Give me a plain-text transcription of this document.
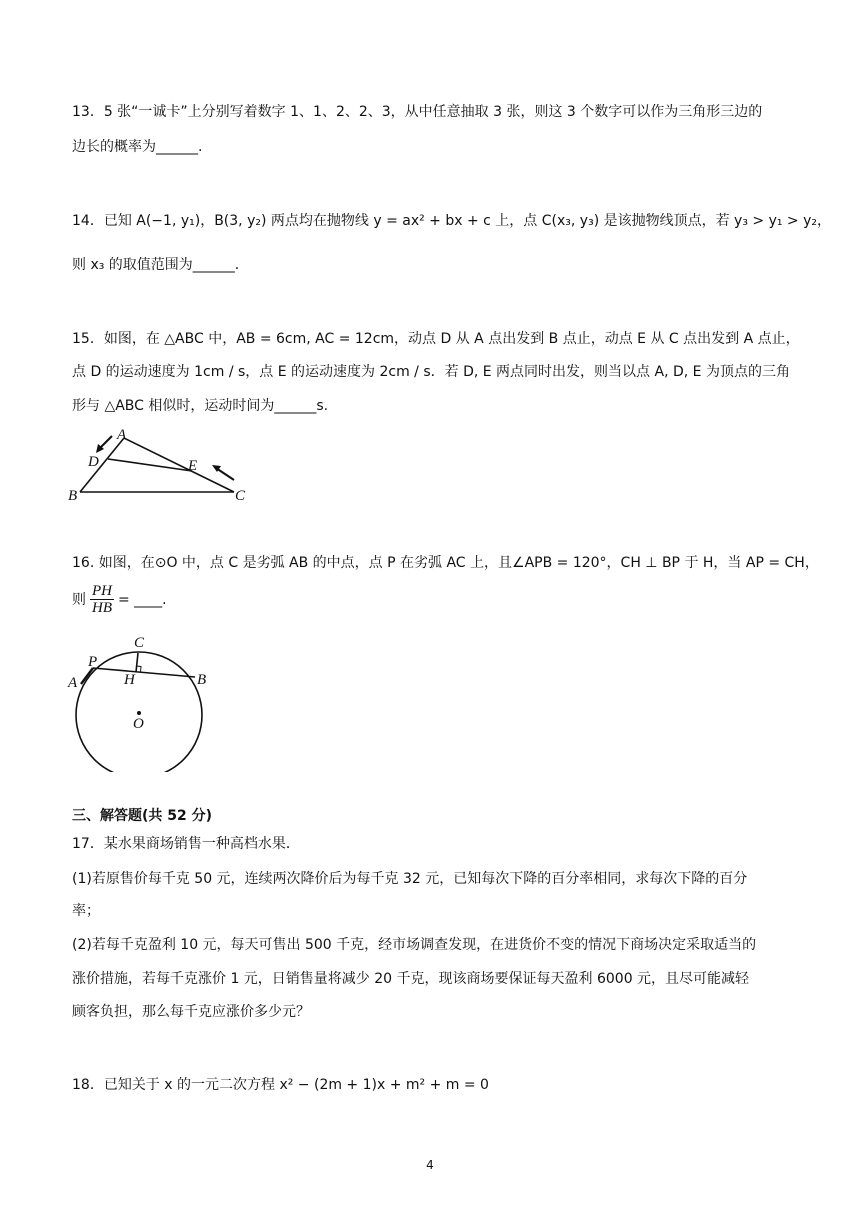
13．5 张“一诚卡”上分别写着数字 1、1、2、2、3，从中任意抽取 3 张，则这 3 个数字可以作为三角形三边的
边长的概率为______.
14．已知 A(−1, y₁)，B(3, y₂) 两点均在抛物线 y = ax² + bx + c 上，点 C(x₃, y₃) 是该抛物线顶点，若 y₃ > y₁ > y₂，
则 x₃ 的取值范围为______.
15．如图，在 △ABC 中，AB = 6cm, AC = 12cm，动点 D 从 A 点出发到 B 点止，动点 E 从 C 点出发到 A 点止，
点 D 的运动速度为 1cm / s，点 E 的运动速度为 2cm / s．若 D, E 两点同时出发，则当以点 A, D, E 为顶点的三角
形与 △ABC 相似时，运动时间为______s.
A
D	E
B	C
16. 如图，在⊙O 中，点 C 是劣弧 AB 的中点，点 P 在劣弧 AC 上，且∠APB = 120°，CH ⊥ BP 于 H，当 AP = CH，
则 $\frac{PH}{HB}$ = ____.
C
P
A	H	B
O
三、解答题(共 52 分)
17．某水果商场销售一种高档水果．
(1)若原售价每千克 50 元，连续两次降价后为每千克 32 元，已知每次下降的百分率相同，求每次下降的百分
率；
(2)若每千克盈利 10 元，每天可售出 500 千克，经市场调查发现，在进货价不变的情况下商场决定采取适当的
涨价措施，若每千克涨价 1 元，日销售量将减少 20 千克，现该商场要保证每天盈利 6000 元，且尽可能减轻
顾客负担，那么每千克应涨价多少元？
18．已知关于 x 的一元二次方程 x² − (2m + 1)x + m² + m = 0
4
